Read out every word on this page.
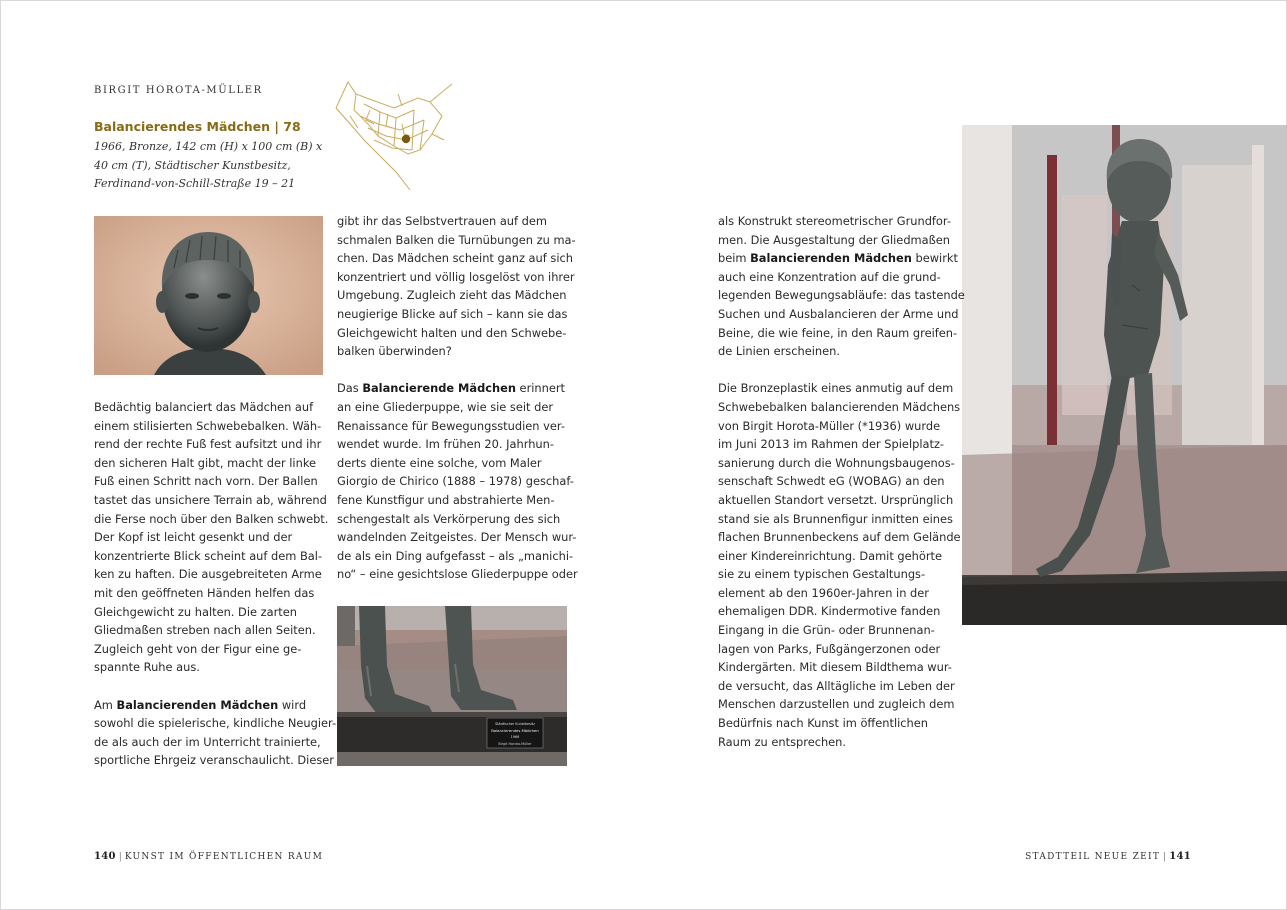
BIRGIT HOROTA-MÜLLER
Balancierendes Mädchen | 78
1966, Bronze, 142 cm (H) x 100 cm (B) x
40 cm (T), Städtischer Kunstbesitz,
Ferdinand-von-Schill-Straße 19 – 21
Städtischer Kunstbesitz
Balancierendes Mädchen
1966
Birgit Horota-Müller
Bedächtig balanciert das Mädchen auf
einem stilisierten Schwebebalken. Wäh-
rend der rechte Fuß fest aufsitzt und ihr
den sicheren Halt gibt, macht der linke
Fuß einen Schritt nach vorn. Der Ballen
tastet das unsichere Terrain ab, während
die Ferse noch über den Balken schwebt.
Der Kopf ist leicht gesenkt und der
konzentrierte Blick scheint auf dem Bal-
ken zu haften. Die ausgebreiteten Arme
mit den geöffneten Händen helfen das
Gleichgewicht zu halten. Die zarten
Gliedmaßen streben nach allen Seiten.
Zugleich geht von der Figur eine ge-
spannte Ruhe aus.
Am Balancierenden Mädchen wird
sowohl die spielerische, kindliche Neugier-
de als auch der im Unterricht trainierte,
sportliche Ehrgeiz veranschaulicht. Dieser
gibt ihr das Selbstvertrauen auf dem
schmalen Balken die Turnübungen zu ma-
chen. Das Mädchen scheint ganz auf sich
konzentriert und völlig losgelöst von ihrer
Umgebung. Zugleich zieht das Mädchen
neugierige Blicke auf sich – kann sie das
Gleichgewicht halten und den Schwebe-
balken überwinden?
Das Balancierende Mädchen erinnert
an eine Gliederpuppe, wie sie seit der
Renaissance für Bewegungsstudien ver-
wendet wurde. Im frühen 20. Jahrhun-
derts diente eine solche, vom Maler
Giorgio de Chirico (1888 – 1978) geschaf-
fene Kunstfigur und abstrahierte Men-
schengestalt als Verkörperung des sich
wandelnden Zeitgeistes. Der Mensch wur-
de als ein Ding aufgefasst – als „manichi-
no“ – eine gesichtslose Gliederpuppe oder
als Konstrukt stereometrischer Grundfor-
men. Die Ausgestaltung der Gliedmaßen
beim Balancierenden Mädchen bewirkt
auch eine Konzentration auf die grund-
legenden Bewegungsabläufe: das tastende
Suchen und Ausbalancieren der Arme und
Beine, die wie feine, in den Raum greifen-
de Linien erscheinen.
Die Bronzeplastik eines anmutig auf dem
Schwebebalken balancierenden Mädchens
von Birgit Horota-Müller (*1936) wurde
im Juni 2013 im Rahmen der Spielplatz-
sanierung durch die Wohnungsbaugenos-
senschaft Schwedt eG (WOBAG) an den
aktuellen Standort versetzt. Ursprünglich
stand sie als Brunnenfigur inmitten eines
flachen Brunnenbeckens auf dem Gelände
einer Kindereinrichtung. Damit gehörte
sie zu einem typischen Gestaltungs-
element ab den 1960er-Jahren in der
ehemaligen DDR. Kindermotive fanden
Eingang in die Grün- oder Brunnenan-
lagen von Parks, Fußgängerzonen oder
Kindergärten. Mit diesem Bildthema wur-
de versucht, das Alltägliche im Leben der
Menschen darzustellen und zugleich dem
Bedürfnis nach Kunst im öffentlichen
Raum zu entsprechen.
140 | KUNST IM ÖFFENTLICHEN RAUM	STADTTEIL NEUE ZEIT | 141
